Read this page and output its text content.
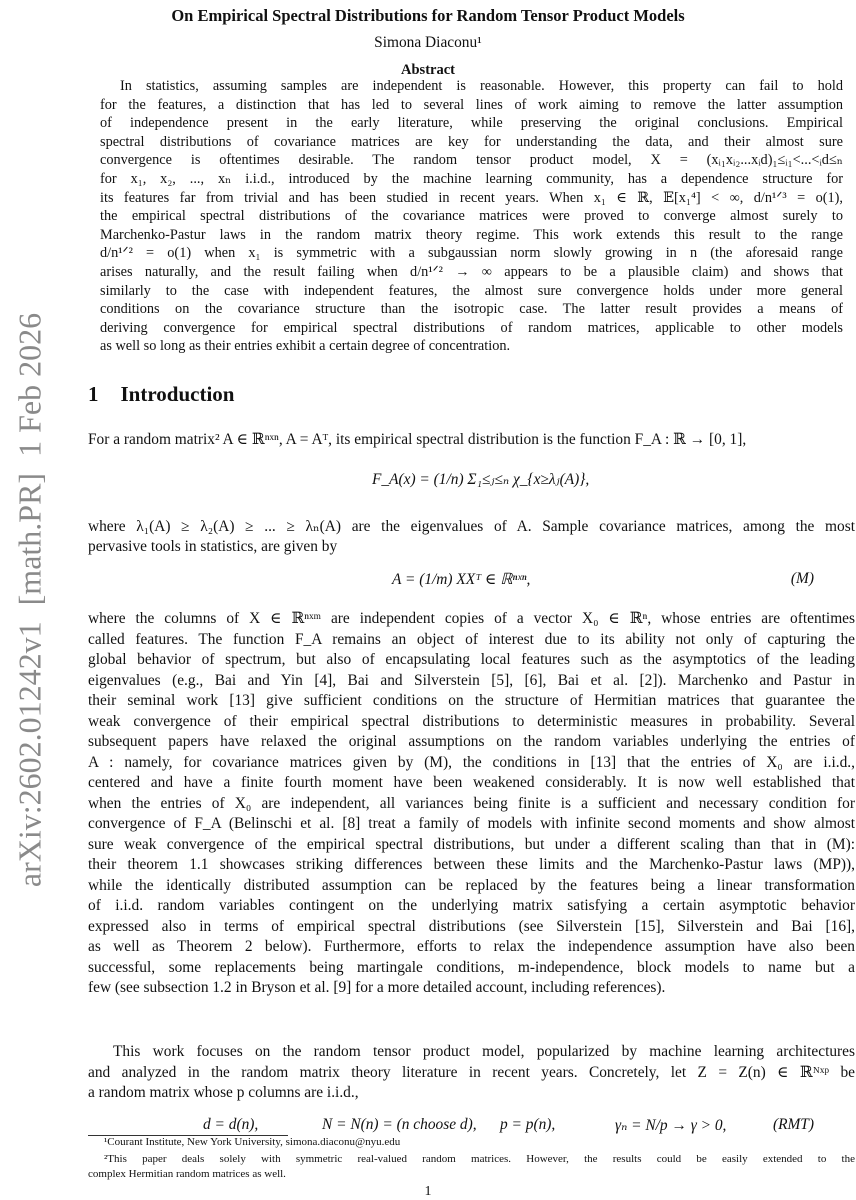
arXiv:2602.01242v1  [math.PR]  1 Feb 2026
On Empirical Spectral Distributions for Random Tensor Product Models
Simona Diaconu¹
Abstract
In statistics, assuming samples are independent is reasonable. However, this property can fail to hold
for the features, a distinction that has led to several lines of work aiming to remove the latter assumption
of independence present in the early literature, while preserving the original conclusions. Empirical
spectral distributions of covariance matrices are key for understanding the data, and their almost sure
convergence is oftentimes desirable. The random tensor product model, X = (xᵢ₁xᵢ₂...xᵢd)₁≤ᵢ₁<...<ᵢd≤ₙ
for x₁, x₂, ..., xₙ i.i.d., introduced by the machine learning community, has a dependence structure for
its features far from trivial and has been studied in recent years. When x₁ ∈ ℝ, 𝔼[x₁⁴] < ∞, d/n¹ᐟ³ = o(1),
the empirical spectral distributions of the covariance matrices were proved to converge almost surely to
Marchenko-Pastur laws in the random matrix theory regime. This work extends this result to the range
d/n¹ᐟ² = o(1) when x₁ is symmetric with a subgaussian norm slowly growing in n (the aforesaid range
arises naturally, and the result failing when d/n¹ᐟ² → ∞ appears to be a plausible claim) and shows that
similarly to the case with independent features, the almost sure convergence holds under more general
conditions on the covariance structure than the isotropic case. The latter result provides a means of
deriving convergence for empirical spectral distributions of random matrices, applicable to other models
as well so long as their entries exhibit a certain degree of concentration.
1 Introduction
For a random matrix² A ∈ ℝⁿˣⁿ, A = Aᵀ, its empirical spectral distribution is the function F_A : ℝ → [0, 1],
F_A(x) = (1/n) Σ₁≤ⱼ≤ₙ χ_{x≥λⱼ(A)},
where λ₁(A) ≥ λ₂(A) ≥ ... ≥ λₙ(A) are the eigenvalues of A. Sample covariance matrices, among the most
pervasive tools in statistics, are given by
A = (1/m) XXᵀ ∈ ℝⁿˣⁿ,	(M)
where the columns of X ∈ ℝⁿˣᵐ are independent copies of a vector X₀ ∈ ℝⁿ, whose entries are oftentimes
called features. The function F_A remains an object of interest due to its ability not only of capturing the
global behavior of spectrum, but also of encapsulating local features such as the asymptotics of the leading
eigenvalues (e.g., Bai and Yin [4], Bai and Silverstein [5], [6], Bai et al. [2]). Marchenko and Pastur in
their seminal work [13] give sufficient conditions on the structure of Hermitian matrices that guarantee the
weak convergence of their empirical spectral distributions to deterministic measures in probability. Several
subsequent papers have relaxed the original assumptions on the random variables underlying the entries of
A : namely, for covariance matrices given by (M), the conditions in [13] that the entries of X₀ are i.i.d.,
centered and have a finite fourth moment have been weakened considerably. It is now well established that
when the entries of X₀ are independent, all variances being finite is a sufficient and necessary condition for
convergence of F_A (Belinschi et al. [8] treat a family of models with infinite second moments and show almost
sure weak convergence of the empirical spectral distributions, but under a different scaling than that in (M):
their theorem 1.1 showcases striking differences between these limits and the Marchenko-Pastur laws (MP)),
while the identically distributed assumption can be replaced by the features being a linear transformation
of i.i.d. random variables contingent on the underlying matrix satisfying a certain asymptotic behavior
expressed also in terms of empirical spectral distributions (see Silverstein [15], Silverstein and Bai [16],
as well as Theorem 2 below). Furthermore, efforts to relax the independence assumption have also been
successful, some replacements being martingale conditions, m-independence, block models to name but a
few (see subsection 1.2 in Bryson et al. [9] for a more detailed account, including references).
This work focuses on the random tensor product model, popularized by machine learning architectures
and analyzed in the random matrix theory literature in recent years. Concretely, let Z = Z(n) ∈ ℝᴺˣᵖ be
a random matrix whose p columns are i.i.d.,
d = d(n),	N = N(n) = (n choose d), p = p(n),	γₙ = N/p → γ > 0,	(RMT)
¹Courant Institute, New York University, simona.diaconu@nyu.edu
²This paper deals solely with symmetric real-valued random matrices. However, the results could be easily extended to the
complex Hermitian random matrices as well.
1
